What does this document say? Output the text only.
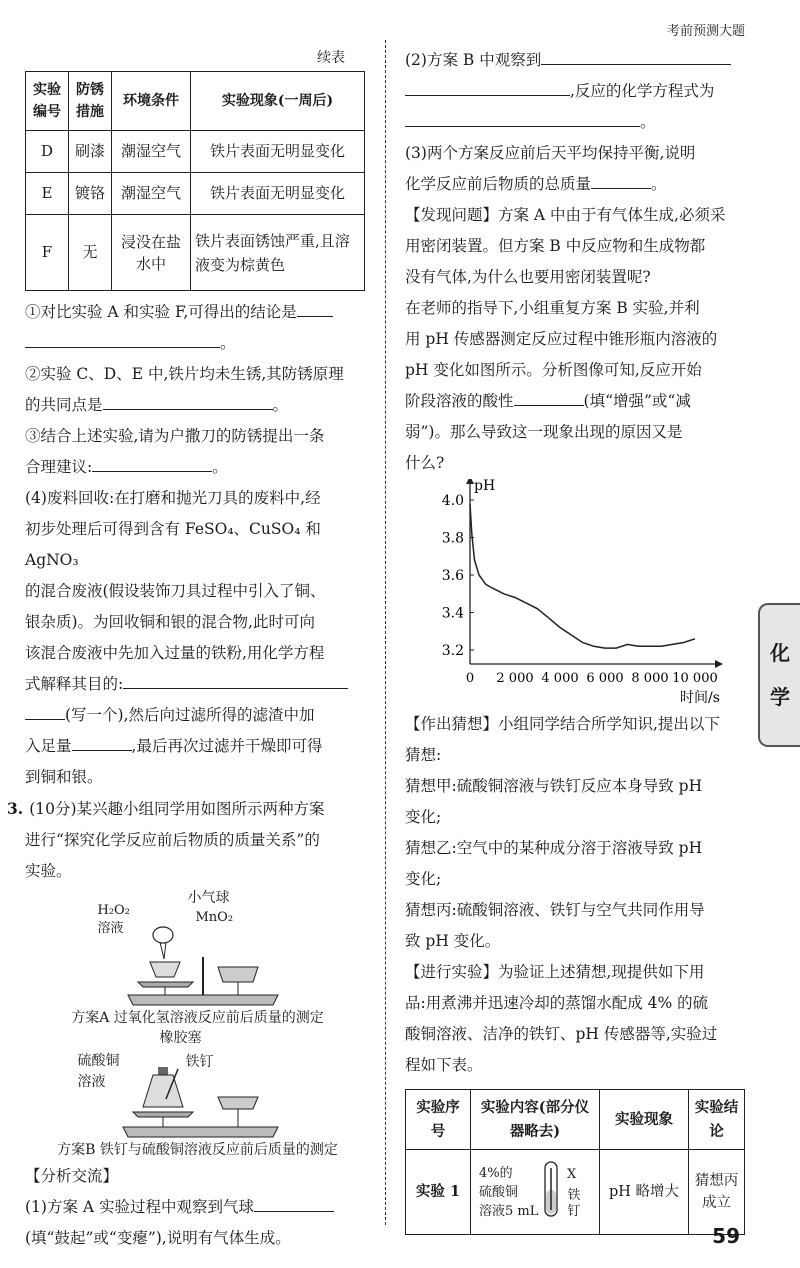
考前预测大题
续表
实验编号	防锈措施	环境条件	实验现象(一周后)
D	刷漆	潮湿空气	铁片表面无明显变化
E	镀铬	潮湿空气	铁片表面无明显变化
F	无	浸没在盐水中	铁片表面锈蚀严重,且溶液变为棕黄色

①对比实验 A 和实验 F,可得出的结论是

。

②实验 C、D、E 中,铁片均未生锈,其防锈原理

的共同点是	。

③结合上述实验,请为户撒刀的防锈提出一条

合理建议:	。

(4)废料回收:在打磨和抛光刀具的废料中,经

初步处理后可得到含有 FeSO₄、CuSO₄ 和AgNO₃

的混合废液(假设装饰刀具过程中引入了铜、

银杂质)。为回收铜和银的混合物,此时可向

该混合废液中先加入过量的铁粉,用化学方程

式解释其目的:

(写一个),然后向过滤所得的滤渣中加

入足量	,最后再次过滤并干燥即可得

到铜和银。

3. (10分)某兴趣小组同学用如图所示两种方案

进行“探究化学反应前后物质的质量关系”的

实验。

小气球
H₂O₂
溶液
MnO₂
方案A 过氧化氢溶液反应前后质量的测定
橡胶塞
硫酸铜
溶液
铁钉
方案B 铁钉与硫酸铜溶液反应前后质量的测定

【分析交流】

(1)方案 A 实验过程中观察到气球

(填“鼓起”或“变瘪”),说明有气体生成。

(2)方案 B 中观察到

,反应的化学方程式为

。

(3)两个方案反应前后天平均保持平衡,说明

化学反应前后物质的总质量	。

【发现问题】方案 A 中由于有气体生成,必须采

用密闭装置。但方案 B 中反应物和生成物都

没有气体,为什么也要用密闭装置呢?

在老师的指导下,小组重复方案 B 实验,并利

用 pH 传感器测定反应过程中锥形瓶内溶液的

pH 变化如图所示。分析图像可知,反应开始

阶段溶液的酸性	(填“增强”或“减

弱”)。那么导致这一现象出现的原因又是

什么?

pH
时间/s
4.0
3.8
3.6
3.4
3.2
0 2 000 4 000 6 000 8 000 10 000

【作出猜想】小组同学结合所学知识,提出以下

猜想:

猜想甲:硫酸铜溶液与铁钉反应本身导致 pH

变化;

猜想乙:空气中的某种成分溶于溶液导致 pH

变化;

猜想丙:硫酸铜溶液、铁钉与空气共同作用导

致 pH 变化。

【进行实验】为验证上述猜想,现提供如下用

品:用煮沸并迅速冷却的蒸馏水配成 4% 的硫

酸铜溶液、洁净的铁钉、pH 传感器等,实验过

程如下表。

实验序号	实验内容(部分仪器略去)	实验现象	实验结论
实验 1	4%的
硫酸铜
溶液5 mL
X
铁钉	pH 略增大	猜想丙成立
化
学
59
